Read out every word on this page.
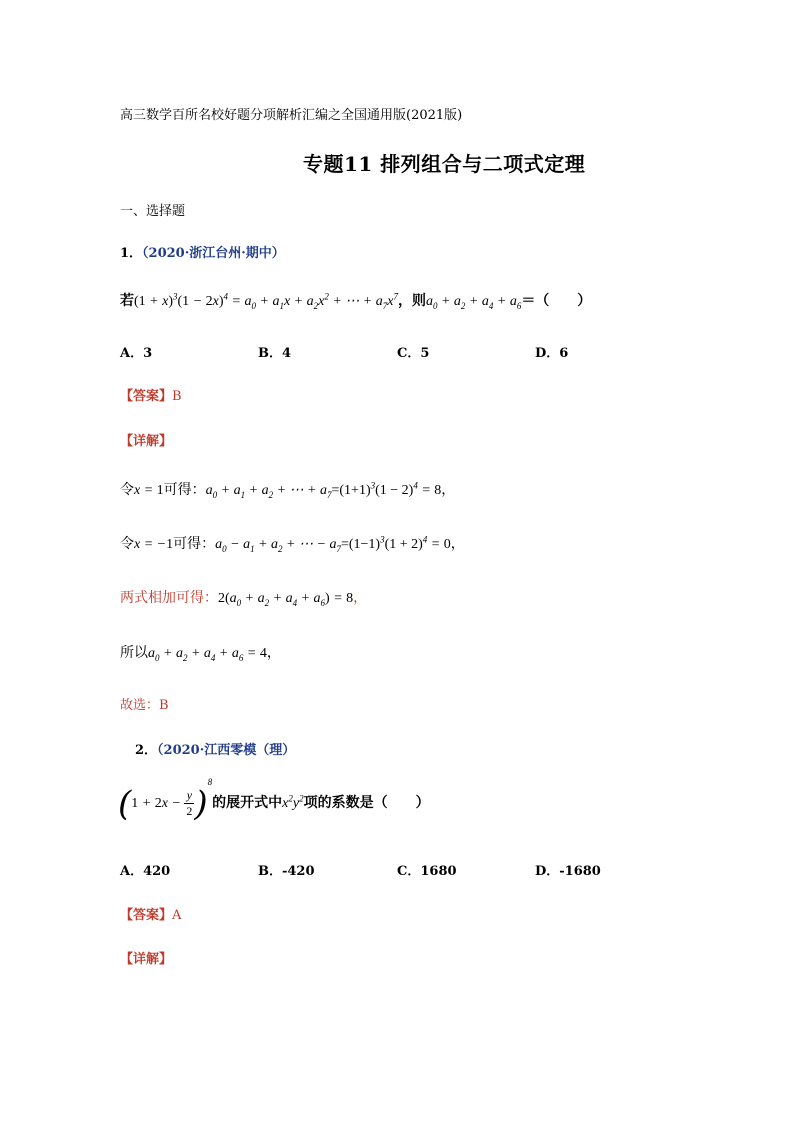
高三数学百所名校好题分项解析汇编之全国通用版(2021版)
专题11 排列组合与二项式定理
一、选择题
1．（2020·浙江台州·期中）
若$(1 + x)^3(1 - 2x)^4 = a_0 + a_1x + a_2x^2$ + ⋯ + $a_7x^7$，则$a_0 + a_2 + a_4 + a_6=$（　　）
A．3	B．4	C．5	D．6
【答案】B
【详解】
令x = 1可得：$a_0 + a_1 + a_2$ + ⋯ + $a_7=(1+1)^3(1 - 2)^4 = 8$，
令x = −1可得：$a_0 - a_1 + a_2$ + ⋯ − $a_7=(1-1)^3(1 + 2)^4 = 0$，
两式相加可得：$2(a_0 + a_2 + a_4 + a_6) = 8$，
所以$a_0 + a_2 + a_4 + a_6 = 4$，
故选：B
2．（2020·江西零模（理）
$(1 + 2x - \frac{y}{2} )^8$的展开式中$x^2y^2$项的系数是（　　）
A．420	B．-420	C．1680	D．-1680
【答案】A
【详解】
